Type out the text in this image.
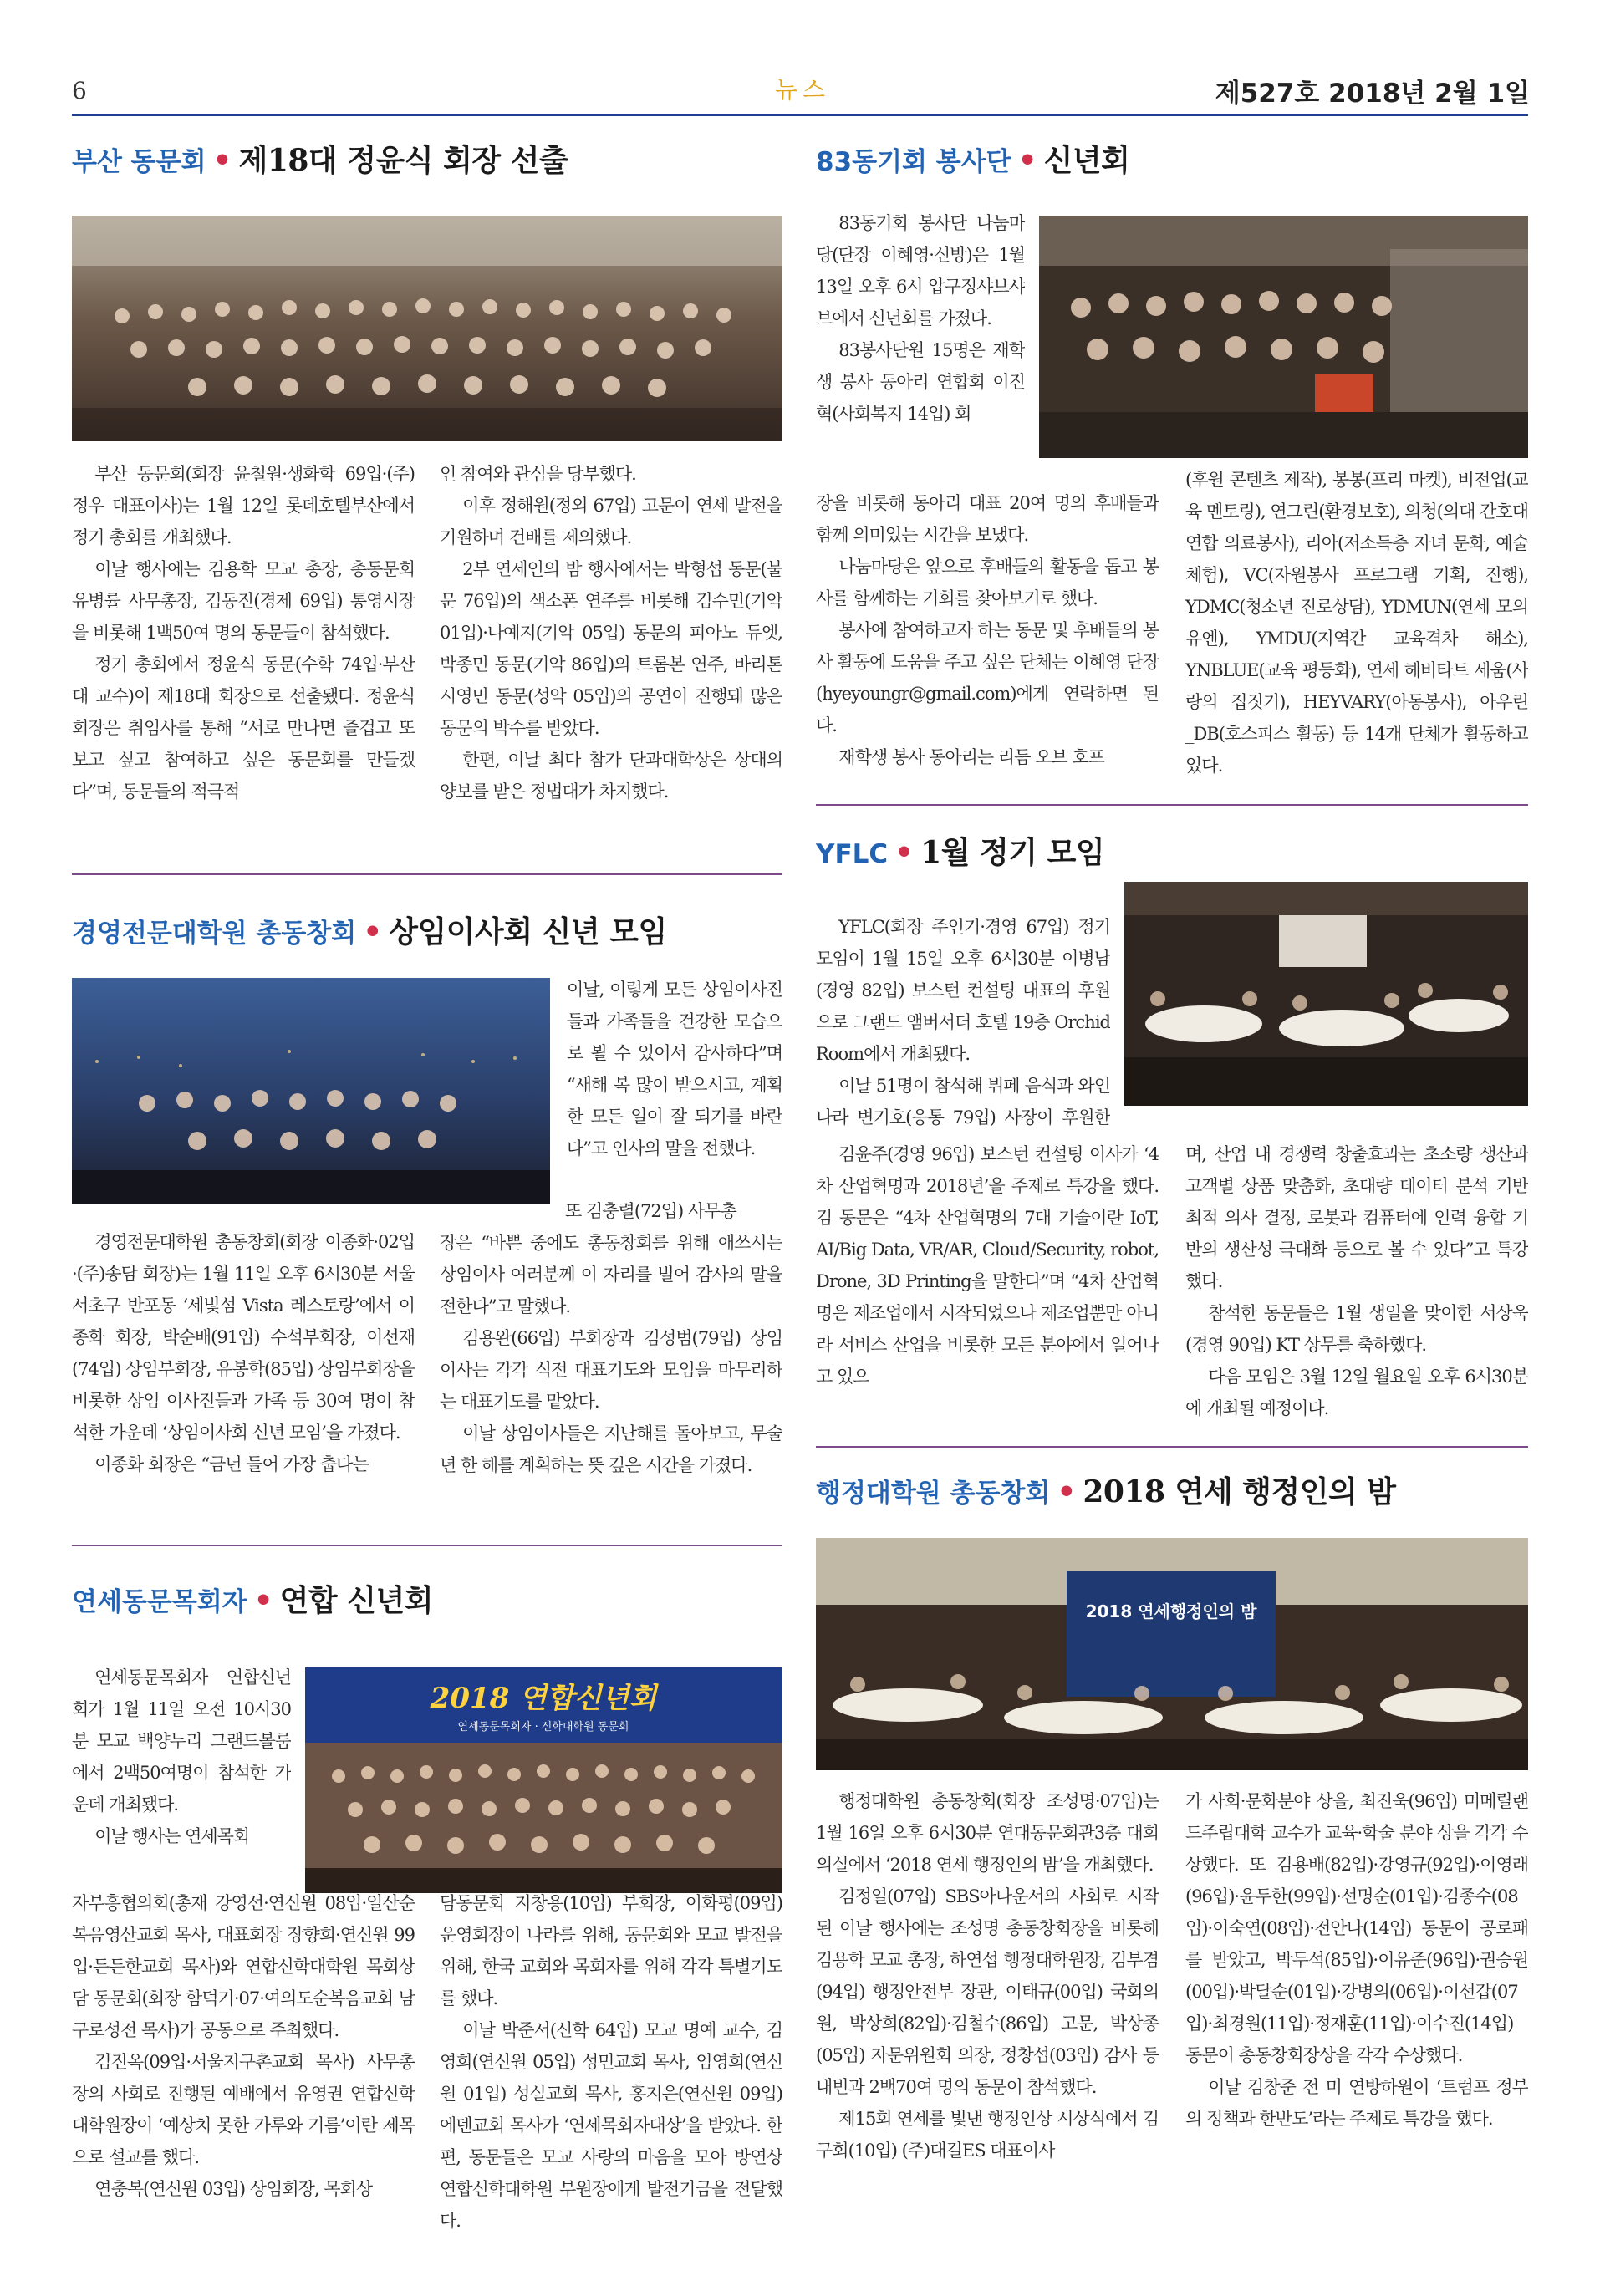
6	뉴스	제527호 2018년 2월 1일
부산 동문회 • 제18대 정윤식 회장 선출

부산 동문회(회장 윤철원·생화학 69입·(주)정우 대표이사)는 1월 12일 롯데호텔부산에서 정기 총회를 개최했다.

이날 행사에는 김용학 모교 총장, 총동문회 유병률 사무총장, 김동진(경제 69입) 통영시장을 비롯해 1백50여 명의 동문들이 참석했다.

정기 총회에서 정윤식 동문(수학 74입·부산대 교수)이 제18대 회장으로 선출됐다. 정윤식 회장은 취임사를 통해 “서로 만나면 즐겁고 또 보고 싶고 참여하고 싶은 동문회를 만들겠다”며, 동문들의 적극적

인 참여와 관심을 당부했다.

이후 정해원(정외 67입) 고문이 연세 발전을 기원하며 건배를 제의했다.

2부 연세인의 밤 행사에서는 박형섭 동문(불문 76입)의 색소폰 연주를 비롯해 김수민(기악 01입)·나예지(기악 05입) 동문의 피아노 듀엣, 박종민 동문(기악 86입)의 트롬본 연주, 바리톤 시영민 동문(성악 05입)의 공연이 진행돼 많은 동문의 박수를 받았다.

한편, 이날 최다 참가 단과대학상은 상대의 양보를 받은 정법대가 차지했다.

83동기회 봉사단 • 신년회

83동기회 봉사단 나눔마당(단장 이혜영·신방)은 1월 13일 오후 6시 압구정샤브샤브에서 신년회를 가졌다.

83봉사단원 15명은 재학생 봉사 동아리 연합회 이진혁(사회복지 14입) 회

장을 비롯해 동아리 대표 20여 명의 후배들과 함께 의미있는 시간을 보냈다.

나눔마당은 앞으로 후배들의 활동을 돕고 봉사를 함께하는 기회를 찾아보기로 했다.

봉사에 참여하고자 하는 동문 및 후배들의 봉사 활동에 도움을 주고 싶은 단체는 이혜영 단장(hyeyoungr@gmail.com)에게 연락하면 된다.

재학생 봉사 동아리는 리듬 오브 호프

(후원 콘텐츠 제작), 봉봉(프리 마켓), 비전업(교육 멘토링), 연그린(환경보호), 의청(의대 간호대 연합 의료봉사), 리아(저소득층 자녀 문화, 예술 체험), VC(자원봉사 프로그램 기획, 진행), YDMC(청소년 진로상담), YDMUN(연세 모의유엔), YMDU(지역간 교육격차 해소), YNBLUE(교육 평등화), 연세 헤비타트 세움(사랑의 집짓기), HEYVARY(아동봉사), 아우린_DB(호스피스 활동) 등 14개 단체가 활동하고 있다.

YFLC • 1월 정기 모임

YFLC(회장 주인기·경영 67입) 정기 모임이 1월 15일 오후 6시30분 이병남(경영 82입) 보스턴 컨설팅 대표의 후원으로 그랜드 앰버서더 호텔 19층 Orchid Room에서 개최됐다.

이날 51명이 참석해 뷔페 음식과 와인나라 변기호(응통 79입) 사장이 후원한

김윤주(경영 96입) 보스턴 컨설팅 이사가 ‘4차 산업혁명과 2018년’을 주제로 특강을 했다. 김 동문은 “4차 산업혁명의 7대 기술이란 IoT, AI/Big Data, VR/AR, Cloud/Security, robot, Drone, 3D Printing을 말한다”며 “4차 산업혁명은 제조업에서 시작되었으나 제조업뿐만 아니라 서비스 산업을 비롯한 모든 분야에서 일어나고 있으

며, 산업 내 경쟁력 창출효과는 초소량 생산과 고객별 상품 맞춤화, 초대량 데이터 분석 기반 최적 의사 결정, 로봇과 컴퓨터에 인력 융합 기반의 생산성 극대화 등으로 볼 수 있다”고 특강했다.

참석한 동문들은 1월 생일을 맞이한 서상욱(경영 90입) KT 상무를 축하했다.

다음 모임은 3월 12일 월요일 오후 6시30분에 개최될 예정이다.

경영전문대학원 총동창회 • 상임이사회 신년 모임

이날, 이렇게 모든 상임이사진들과 가족들을 건강한 모습으로 뵐 수 있어서 감사하다”며 “새해 복 많이 받으시고, 계획한 모든 일이 잘 되기를 바란다”고 인사의 말을 전했다.

경영전문대학원 총동창회(회장 이종화·02입·(주)송담 회장)는 1월 11일 오후 6시30분 서울 서초구 반포동 ‘세빛섬 Vista 레스토랑’에서 이종화 회장, 박순배(91입) 수석부회장, 이선재(74입) 상임부회장, 유봉학(85입) 상임부회장을 비롯한 상임 이사진들과 가족 등 30여 명이 참석한 가운데 ‘상임이사회 신년 모임’을 가졌다.

이종화 회장은 “금년 들어 가장 춥다는

또 김충렬(72입) 사무총

장은 “바쁜 중에도 총동창회를 위해 애쓰시는 상임이사 여러분께 이 자리를 빌어 감사의 말을 전한다”고 말했다.

김용완(66입) 부회장과 김성범(79입) 상임이사는 각각 식전 대표기도와 모임을 마무리하는 대표기도를 맡았다.

이날 상임이사들은 지난해를 돌아보고, 무술년 한 해를 계획하는 뜻 깊은 시간을 가졌다.

연세동문목회자 • 연합 신년회

연세동문목회자 연합신년회가 1월 11일 오전 10시30분 모교 백양누리 그랜드볼룸에서 2백50여명이 참석한 가운데 개최됐다.

이날 행사는 연세목회

2018 연합신년회
연세동문목회자 · 신학대학원 동문회

자부흥협의회(총재 강영선·연신원 08입·일산순복음영산교회 목사, 대표회장 장향희·연신원 99입·든든한교회 목사)와 연합신학대학원 목회상담 동문회(회장 함덕기·07·여의도순복음교회 남구로성전 목사)가 공동으로 주최했다.

김진옥(09입·서울지구촌교회 목사) 사무총장의 사회로 진행된 예배에서 유영권 연합신학대학원장이 ‘예상치 못한 가루와 기름’이란 제목으로 설교를 했다.

연충복(연신원 03입) 상임회장, 목회상

담동문회 지창용(10입) 부회장, 이화평(09입) 운영회장이 나라를 위해, 동문회와 모교 발전을 위해, 한국 교회와 목회자를 위해 각각 특별기도를 했다.

이날 박준서(신학 64입) 모교 명예 교수, 김영희(연신원 05입) 성민교회 목사, 임영희(연신원 01입) 성실교회 목사, 홍지은(연신원 09입) 에덴교회 목사가 ‘연세목회자대상’을 받았다. 한편, 동문들은 모교 사랑의 마음을 모아 방연상 연합신학대학원 부원장에게 발전기금을 전달했다.

행정대학원 총동창회 • 2018 연세 행정인의 밤
2018 연세행정인의 밤

행정대학원 총동창회(회장 조성명·07입)는 1월 16일 오후 6시30분 연대동문회관3층 대회의실에서 ‘2018 연세 행정인의 밤’을 개최했다.

김정일(07입) SBS아나운서의 사회로 시작된 이날 행사에는 조성명 총동창회장을 비롯해 김용학 모교 총장, 하연섭 행정대학원장, 김부겸(94입) 행정안전부 장관, 이태규(00입) 국회의원, 박상희(82입)·김철수(86입) 고문, 박상종(05입) 자문위원회 의장, 정창섭(03입) 감사 등 내빈과 2백70여 명의 동문이 참석했다.

제15회 연세를 빛낸 행정인상 시상식에서 김구회(10입) (주)대길ES 대표이사

가 사회·문화분야 상을, 최진욱(96입) 미메릴랜드주립대학 교수가 교육·학술 분야 상을 각각 수상했다. 또 김용배(82입)·강영규(92입)·이영래(96입)·윤두한(99입)·선명순(01입)·김종수(08입)·이숙연(08입)·전안나(14입) 동문이 공로패를 받았고, 박두석(85입)·이유준(96입)·권승원(00입)·박달순(01입)·강병의(06입)·이선갑(07입)·최경원(11입)·정재훈(11입)·이수진(14입) 동문이 총동창회장상을 각각 수상했다.

이날 김창준 전 미 연방하원이 ‘트럼프 정부의 정책과 한반도’라는 주제로 특강을 했다.
